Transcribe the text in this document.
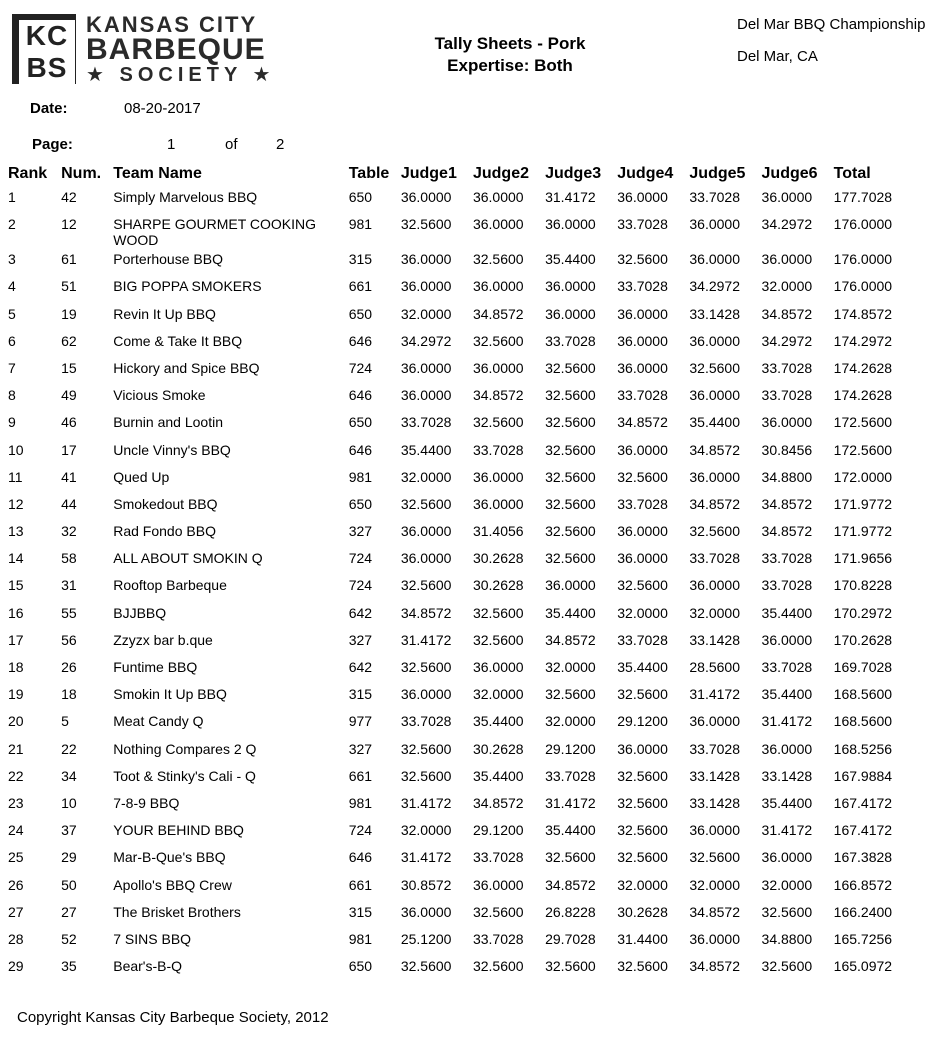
KC
BS
KANSAS CITY
BARBEQUE
★ SOCIETY ★
Tally Sheets - Pork
Expertise: Both
Del Mar BBQ Championship
Del Mar, CA
Date:	08-20-2017
Page:	1	of	2
Rank	Num.	Team Name	Table	Judge1	Judge2	Judge3	Judge4	Judge5	Judge6	Total
1	42	Simply Marvelous BBQ	650	36.0000	36.0000	31.4172	36.0000	33.7028	36.0000	177.7028
2	12	SHARPE GOURMET COOKING WOOD	981	32.5600	36.0000	36.0000	33.7028	36.0000	34.2972	176.0000
3	61	Porterhouse BBQ	315	36.0000	32.5600	35.4400	32.5600	36.0000	36.0000	176.0000
4	51	BIG POPPA SMOKERS	661	36.0000	36.0000	36.0000	33.7028	34.2972	32.0000	176.0000
5	19	Revin It Up BBQ	650	32.0000	34.8572	36.0000	36.0000	33.1428	34.8572	174.8572
6	62	Come & Take It BBQ	646	34.2972	32.5600	33.7028	36.0000	36.0000	34.2972	174.2972
7	15	Hickory and Spice BBQ	724	36.0000	36.0000	32.5600	36.0000	32.5600	33.7028	174.2628
8	49	Vicious Smoke	646	36.0000	34.8572	32.5600	33.7028	36.0000	33.7028	174.2628
9	46	Burnin and Lootin	650	33.7028	32.5600	32.5600	34.8572	35.4400	36.0000	172.5600
10	17	Uncle Vinny's BBQ	646	35.4400	33.7028	32.5600	36.0000	34.8572	30.8456	172.5600
11	41	Qued Up	981	32.0000	36.0000	32.5600	32.5600	36.0000	34.8800	172.0000
12	44	Smokedout BBQ	650	32.5600	36.0000	32.5600	33.7028	34.8572	34.8572	171.9772
13	32	Rad Fondo BBQ	327	36.0000	31.4056	32.5600	36.0000	32.5600	34.8572	171.9772
14	58	ALL ABOUT SMOKIN Q	724	36.0000	30.2628	32.5600	36.0000	33.7028	33.7028	171.9656
15	31	Rooftop Barbeque	724	32.5600	30.2628	36.0000	32.5600	36.0000	33.7028	170.8228
16	55	BJJBBQ	642	34.8572	32.5600	35.4400	32.0000	32.0000	35.4400	170.2972
17	56	Zzyzx bar b.que	327	31.4172	32.5600	34.8572	33.7028	33.1428	36.0000	170.2628
18	26	Funtime BBQ	642	32.5600	36.0000	32.0000	35.4400	28.5600	33.7028	169.7028
19	18	Smokin It Up BBQ	315	36.0000	32.0000	32.5600	32.5600	31.4172	35.4400	168.5600
20	5	Meat Candy Q	977	33.7028	35.4400	32.0000	29.1200	36.0000	31.4172	168.5600
21	22	Nothing Compares 2 Q	327	32.5600	30.2628	29.1200	36.0000	33.7028	36.0000	168.5256
22	34	Toot & Stinky's Cali - Q	661	32.5600	35.4400	33.7028	32.5600	33.1428	33.1428	167.9884
23	10	7-8-9 BBQ	981	31.4172	34.8572	31.4172	32.5600	33.1428	35.4400	167.4172
24	37	YOUR BEHIND BBQ	724	32.0000	29.1200	35.4400	32.5600	36.0000	31.4172	167.4172
25	29	Mar-B-Que's BBQ	646	31.4172	33.7028	32.5600	32.5600	32.5600	36.0000	167.3828
26	50	Apollo's BBQ Crew	661	30.8572	36.0000	34.8572	32.0000	32.0000	32.0000	166.8572
27	27	The Brisket Brothers	315	36.0000	32.5600	26.8228	30.2628	34.8572	32.5600	166.2400
28	52	7 SINS BBQ	981	25.1200	33.7028	29.7028	31.4400	36.0000	34.8800	165.7256
29	35	Bear's-B-Q	650	32.5600	32.5600	32.5600	32.5600	34.8572	32.5600	165.0972
Copyright Kansas City Barbeque Society, 2012
